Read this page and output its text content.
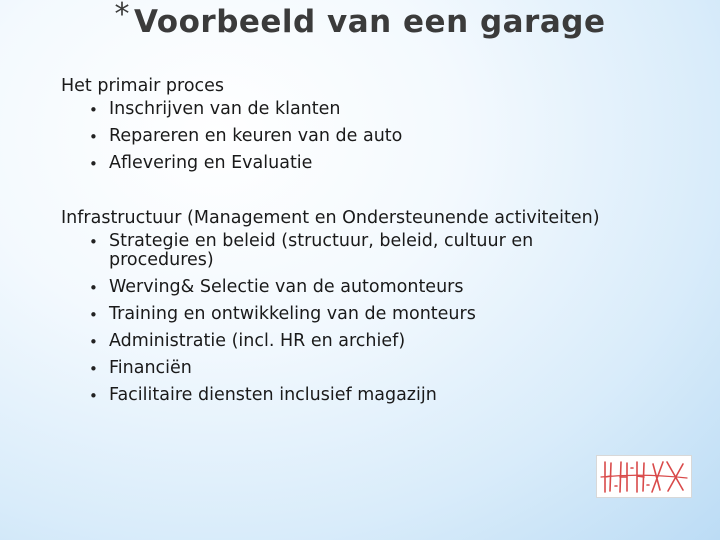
* Voorbeeld van een garage
Het primair proces
• Inschrijven van de klanten
• Repareren en keuren van de auto
• Aflevering en Evaluatie
Infrastructuur (Management en Ondersteunende activiteiten)
• Strategie en beleid (structuur, beleid, cultuur en procedures)
• Werving& Selectie van de automonteurs
• Training en ontwikkeling van de monteurs
• Administratie (incl. HR en archief)
• Financiën
• Facilitaire diensten inclusief magazijn
